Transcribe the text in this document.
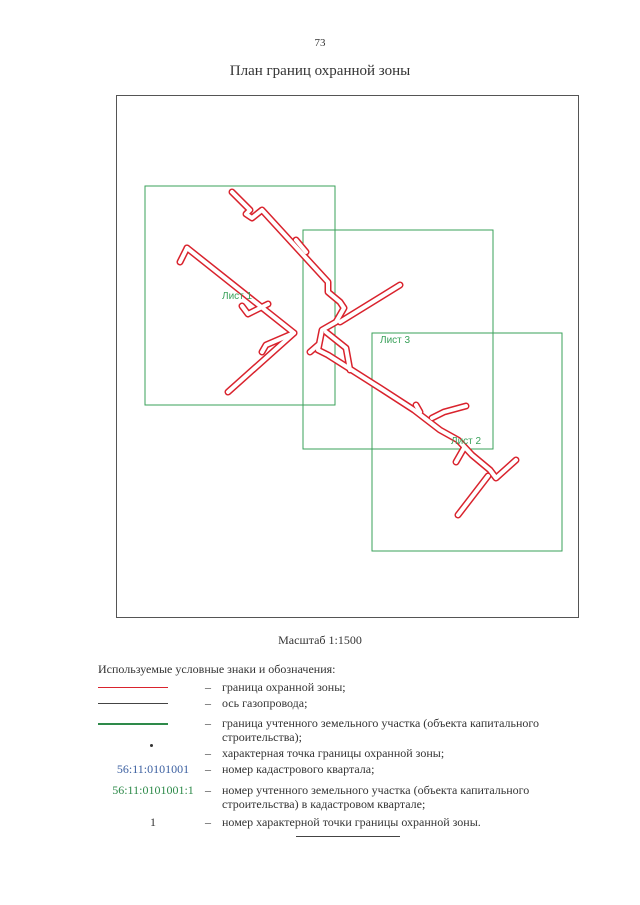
73
План границ охранной зоны
Лист 1
Лист 3
Лист 2
Масштаб 1:1500
Используемые условные знаки и обозначения:
– граница охранной зоны;
– ось газопровода;
– граница учтенного земельного участка (объекта капитального строительства);
– характерная точка границы охранной зоны;
56:11:0101001	– номер кадастрового квартала;
56:11:0101001:1 – номер учтенного земельного участка (объекта капитального строительства) в кадастровом квартале;
1	– номер характерной точки границы охранной зоны.
